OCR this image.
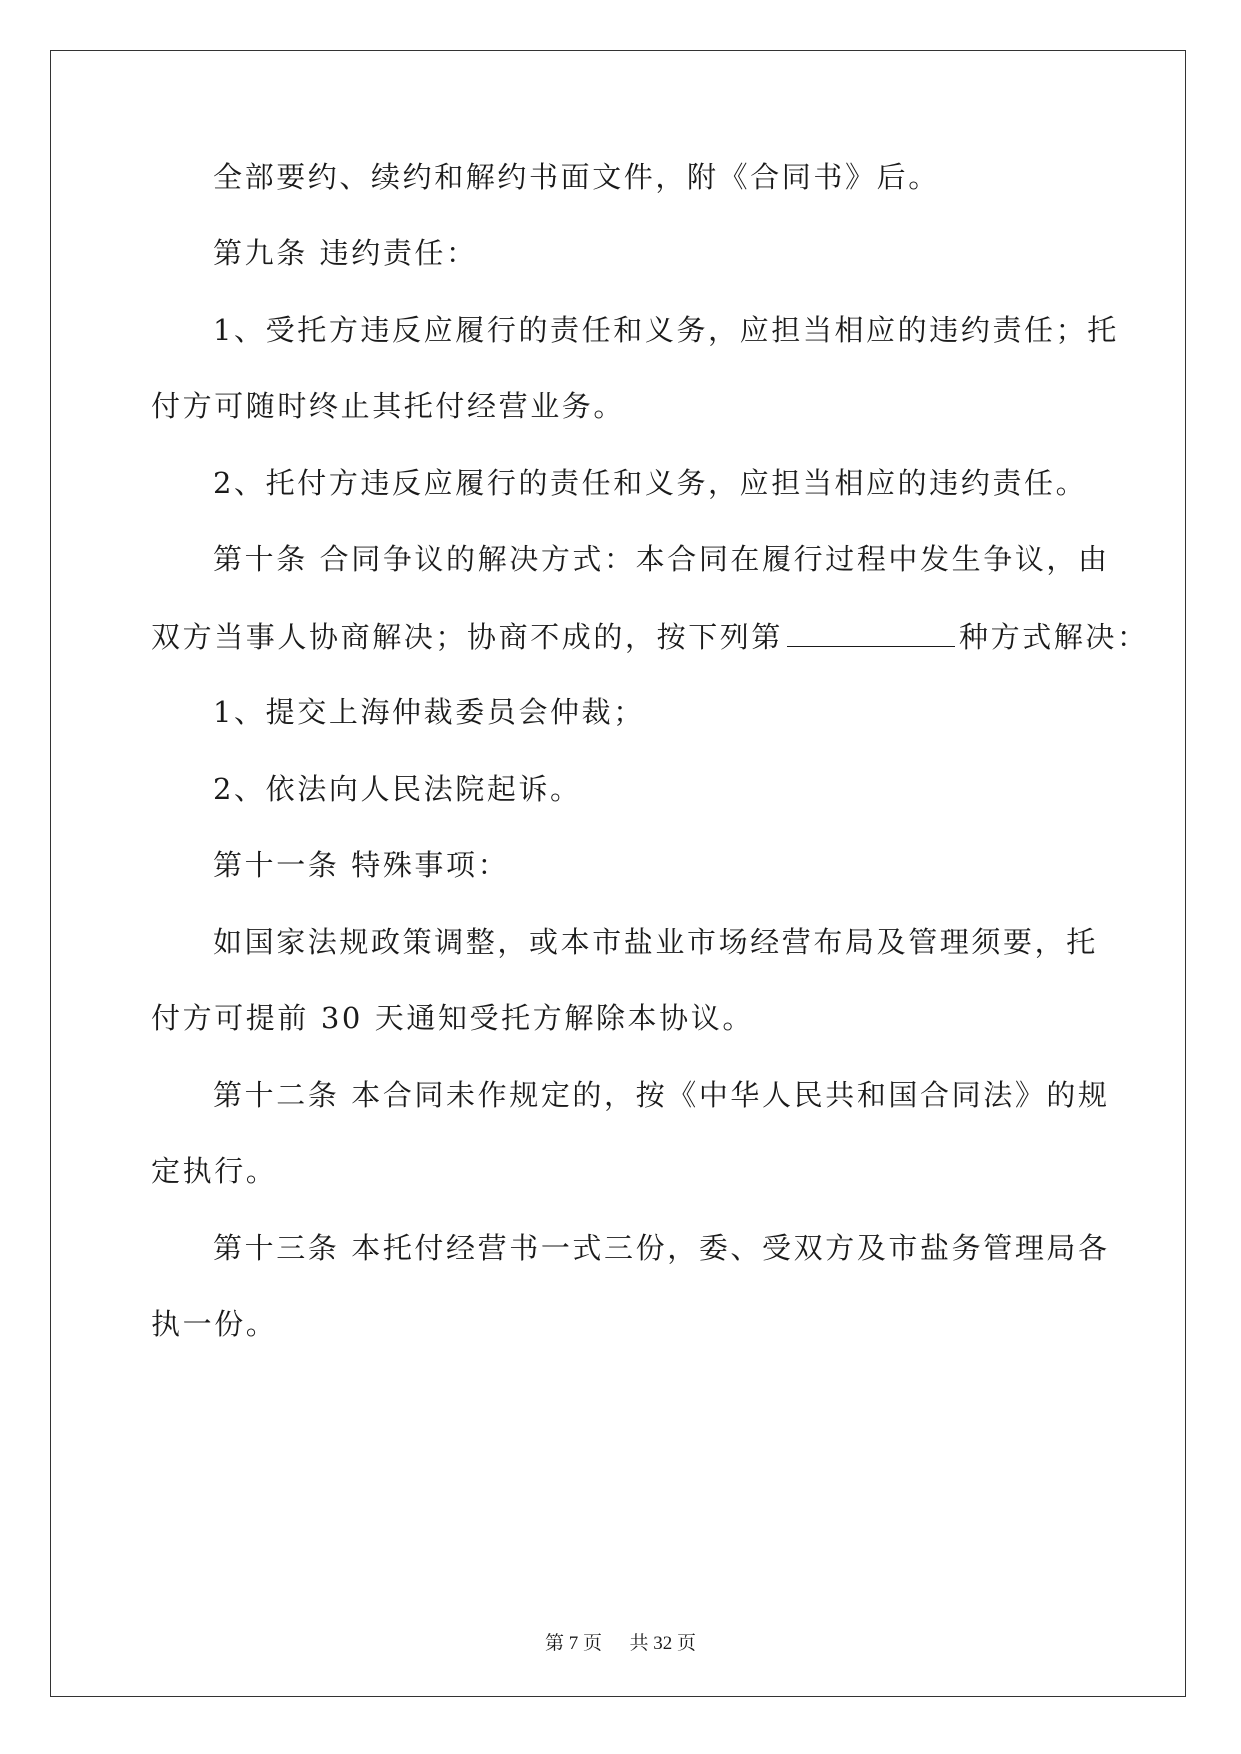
全部要约、续约和解约书面文件，附《合同书》后。
第九条 违约责任：
1、受托方违反应履行的责任和义务，应担当相应的违约责任；托
付方可随时终止其托付经营业务。
2、托付方违反应履行的责任和义务，应担当相应的违约责任。
第十条 合同争议的解决方式：本合同在履行过程中发生争议，由
双方当事人协商解决；协商不成的，按下列第	种方式解决：
1、提交上海仲裁委员会仲裁；
2、依法向人民法院起诉。
第十一条 特殊事项：
如国家法规政策调整，或本市盐业市场经营布局及管理须要，托
付方可提前 30 天通知受托方解除本协议。
第十二条 本合同未作规定的，按《中华人民共和国合同法》的规
定执行。
第十三条 本托付经营书一式三份，委、受双方及市盐务管理局各
执一份。
第 7 页 共 32 页
